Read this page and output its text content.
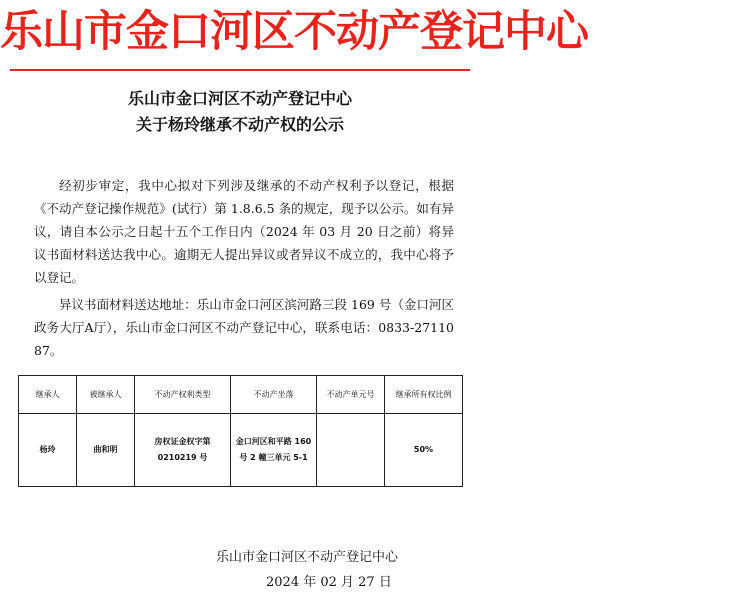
乐山市金口河区不动产登记中心
乐山市金口河区不动产登记中心
关于杨玲继承不动产权的公示
经初步审定，我中心拟对下列涉及继承的不动产权利予以登记，根据《不动产登记操作规范》(试行）第 1.8.6.5 条的规定，现予以公示。如有异议，请自本公示之日起十五个工作日内（2024 年 03 月 20 日之前）将异议书面材料送达我中心。逾期无人提出异议或者异议不成立的，我中心将予以登记。
异议书面材料送达地址：乐山市金口河区滨河路三段 169 号（金口河区政务大厅A厅），乐山市金口河区不动产登记中心，联系电话：0833-2711087。
继承人	被继承人	不动产权利类型	不动产坐落	不动产单元号	继承所有权比例
杨玲	曲和明	房权证金权字第 0210219 号	金口河区和平路 160 号 2 幢三单元 5-1		50%
乐山市金口河区不动产登记中心
2024 年 02 月 27 日
